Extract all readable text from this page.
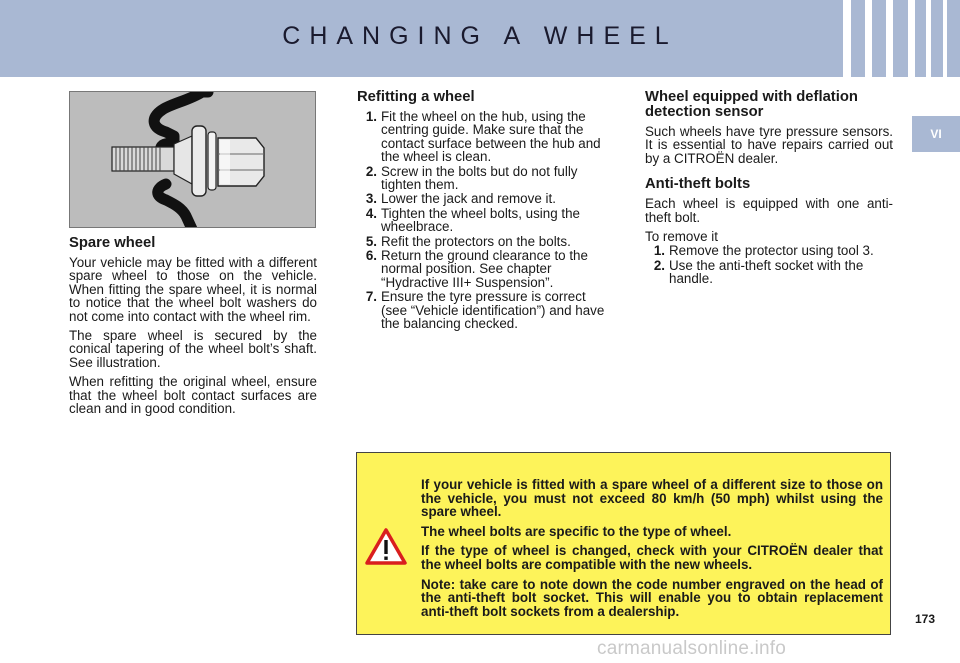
CHANGING A WHEEL
VI
Spare wheel

Your vehicle may be fitted with a different spare wheel to those on the vehicle. When fitting the spare wheel, it is normal to notice that the wheel bolt washers do not come into contact with the wheel rim.

The spare wheel is secured by the conical tapering of the wheel bolt’s shaft. See illustration.

When refitting the original wheel, ensure that the wheel bolt contact surfaces are clean and in good condition.

Refitting a wheel
1. Fit the wheel on the hub, using the centring guide. Make sure that the contact surface between the hub and the wheel is clean.
2. Screw in the bolts but do not fully tighten them.
3. Lower the jack and remove it.
4. Tighten the wheel bolts, using the wheelbrace.
5. Refit the protectors on the bolts.
6. Return the ground clearance to the normal position. See chapter “Hydractive III+ Suspension”.
7. Ensure the tyre pressure is correct (see “Vehicle identification”) and have the balancing checked.
Wheel equipped with deflation detection sensor

Such wheels have tyre pressure sensors. It is essential to have repairs carried out by a CITROËN dealer.

Anti-theft bolts

Each wheel is equipped with one anti-theft bolt.

To remove it

1. Remove the protector using tool 3.
2. Use the anti-theft socket with the handle.

If your vehicle is fitted with a spare wheel of a different size to those on the vehicle, you must not exceed 80 km/h (50 mph) whilst using the spare wheel.

The wheel bolts are specific to the type of wheel.

If the type of wheel is changed, check with your CITROËN dealer that the wheel bolts are compatible with the new wheels.

Note: take care to note down the code number engraved on the head of the anti-theft bolt socket. This will enable you to obtain replacement anti-theft bolt sockets from a dealership.

173
carmanualsonline.info
